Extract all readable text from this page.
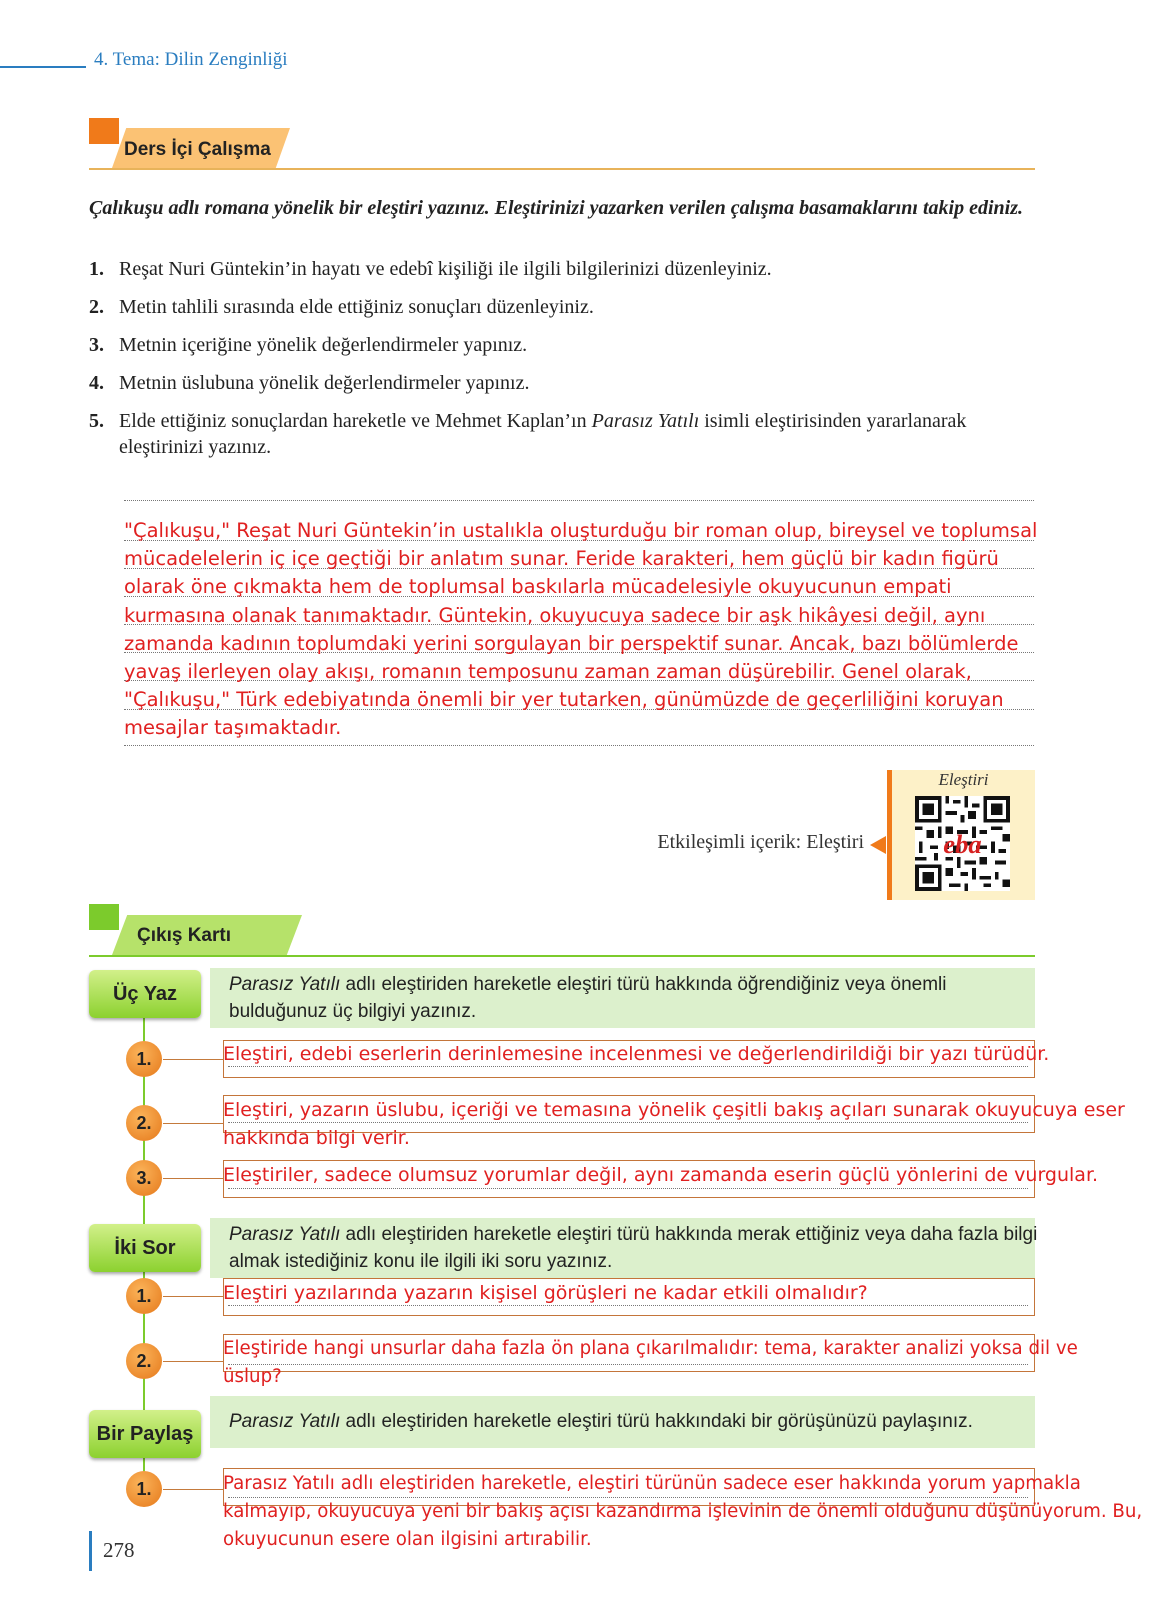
4. Tema: Dilin Zenginliği
Ders İçi Çalışma
Çalıkuşu adlı romana yönelik bir eleştiri yazınız. Eleştirinizi yazarken verilen çalışma basamaklarını takip ediniz.
1. Reşat Nuri Güntekin’in hayatı ve edebî kişiliği ile ilgili bilgilerinizi düzenleyiniz.
2. Metin tahlili sırasında elde ettiğiniz sonuçları düzenleyiniz.
3. Metnin içeriğine yönelik değerlendirmeler yapınız.
4. Metnin üslubuna yönelik değerlendirmeler yapınız.
5. Elde ettiğiniz sonuçlardan hareketle ve Mehmet Kaplan’ın Parasız Yatılı isimli eleştirisinden yararlanarak eleştirinizi yazınız.
"Çalıkuşu," Reşat Nuri Güntekin’in ustalıkla oluşturduğu bir roman olup, bireysel ve toplumsal mücadelelerin iç içe geçtiği bir anlatım sunar. Feride karakteri, hem güçlü bir kadın figürü olarak öne çıkmakta hem de toplumsal baskılarla mücadelesiyle okuyucunun empati kurmasına olanak tanımaktadır. Güntekin, okuyucuya sadece bir aşk hikâyesi değil, aynı zamanda kadının toplumdaki yerini sorgulayan bir perspektif sunar. Ancak, bazı bölümlerde yavaş ilerleyen olay akışı, romanın temposunu zaman zaman düşürebilir. Genel olarak, "Çalıkuşu," Türk edebiyatında önemli bir yer tutarken, günümüzde de geçerliliğini koruyan mesajlar taşımaktadır.
Eleştiri
eba
Etkileşimli içerik: Eleştiri
Çıkış Kartı
Üç Yaz	Parasız Yatılı adlı eleştiriden hareketle eleştiri türü hakkında öğrendiğiniz veya önemli bulduğunuz üç bilgiyi yazınız.
1.	Eleştiri, edebi eserlerin derinlemesine incelenmesi ve değerlendirildiği bir yazı türüdür.
2.
Eleştiri, yazarın üslubu, içeriği ve temasına yönelik çeşitli bakış açıları sunarak okuyucuya eser
hakkında bilgi verir.
3.	Eleştiriler, sadece olumsuz yorumlar değil, aynı zamanda eserin güçlü yönlerini de vurgular.
İki Sor
Parasız Yatılı adlı eleştiriden hareketle eleştiri türü hakkında merak ettiğiniz veya daha fazla bilgi almak istediğiniz konu ile ilgili iki soru yazınız.
1.	Eleştiri yazılarında yazarın kişisel görüşleri ne kadar etkili olmalıdır?
2.
Eleştiride hangi unsurlar daha fazla ön plana çıkarılmalıdır: tema, karakter analizi yoksa dil ve üslup?
Bir Paylaş
Parasız Yatılı adlı eleştiriden hareketle eleştiri türü hakkındaki bir görüşünüzü paylaşınız.
1.	Parasız Yatılı adlı eleştiriden hareketle, eleştiri türünün sadece eser hakkında yorum yapmakla
kalmayıp, okuyucuya yeni bir bakış açısı kazandırma işlevinin de önemli olduğunu düşünüyorum. Bu,
okuyucunun esere olan ilgisini artırabilir.
278
